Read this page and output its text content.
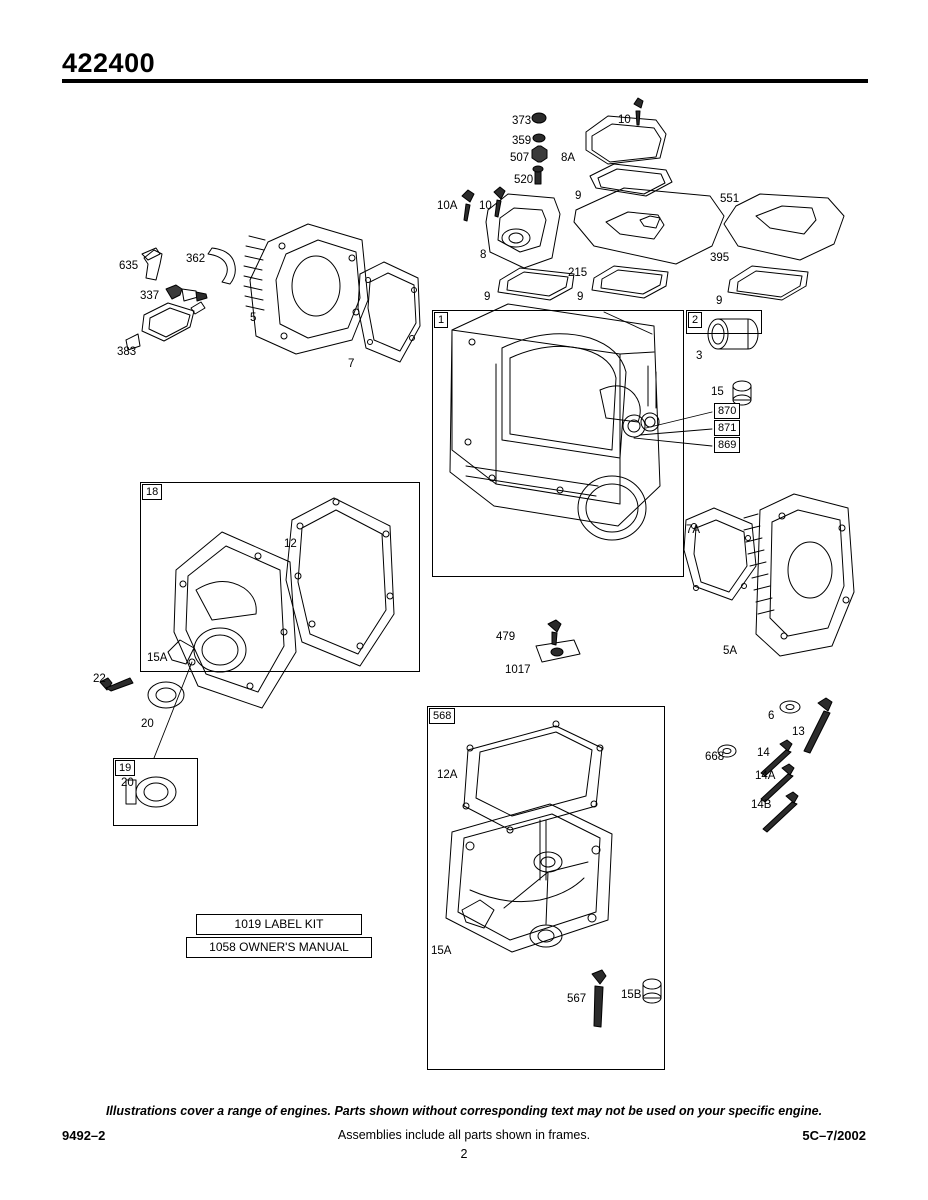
422400
1	2
18
19
568
373
359
507
520
8A
10
9	551
395
10A 10
8
215
9	9	9
635
362
337
383
5
7
3
15
870
871
869
7A
5A
6
13
668	14
14A
14B
479
1017
12
15A
22
20
20
12A
15A
567	15B
1019 LABEL KIT
1058 OWNER'S MANUAL
Illustrations cover a range of engines. Parts shown without corresponding text may not be used on your specific engine.
9492–2	Assemblies include all parts shown in frames.	5C–7/2002
2
